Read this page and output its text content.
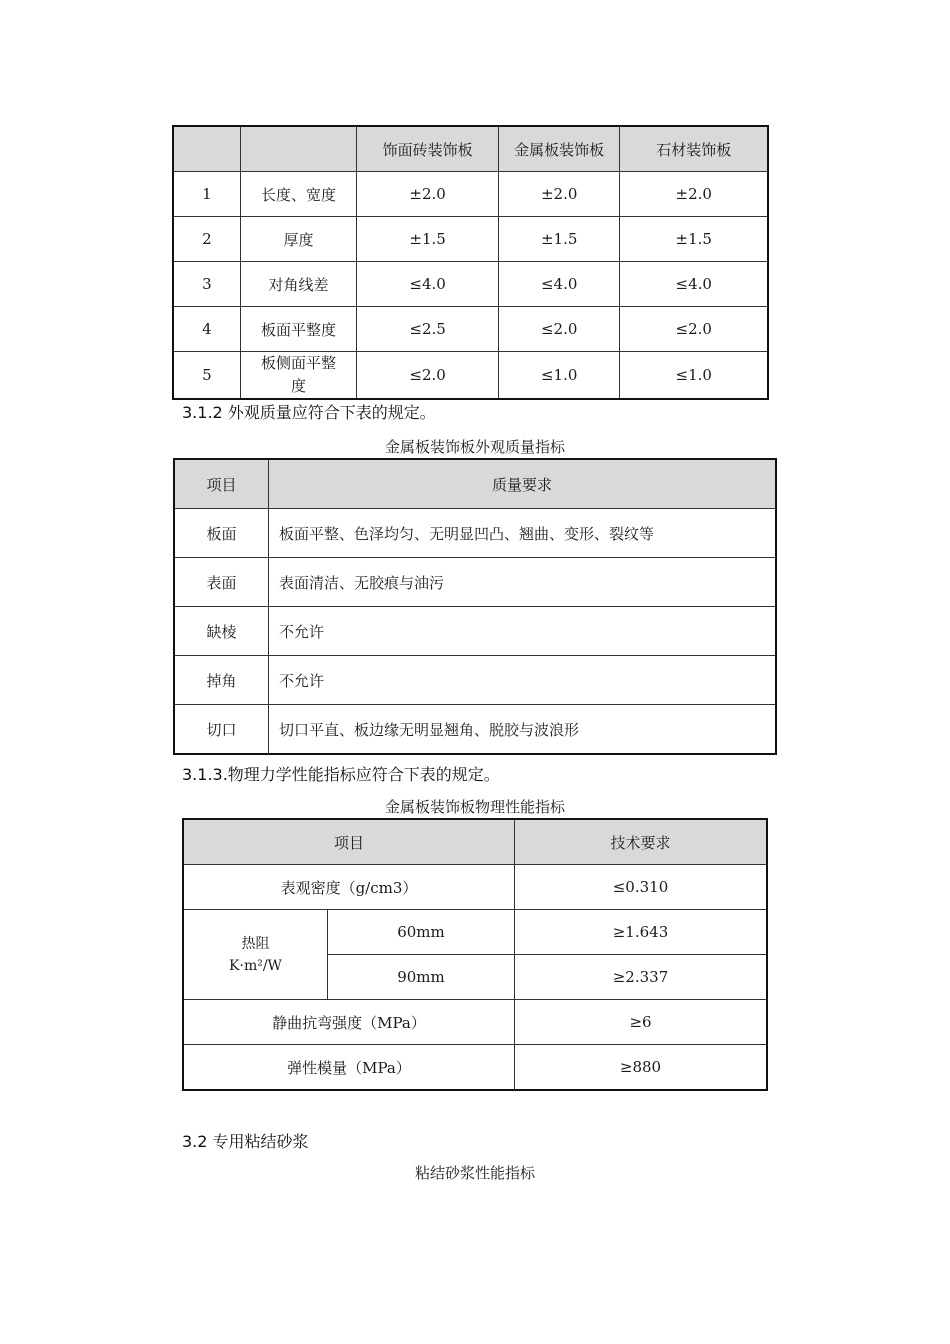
		饰面砖装饰板	金属板装饰板	石材装饰板
1	长度、宽度	±2.0	±2.0	±2.0
2	厚度	±1.5	±1.5	±1.5
3	对角线差	≤4.0	≤4.0	≤4.0
4	板面平整度	≤2.5	≤2.0	≤2.0
5	板侧面平整度	≤2.0	≤1.0	≤1.0
3.1.2 外观质量应符合下表的规定。
金属板装饰板外观质量指标
项目	质量要求
板面	板面平整、色泽均匀、无明显凹凸、翘曲、变形、裂纹等
表面	表面清洁、无胶痕与油污
缺棱	不允许
掉角	不允许
切口	切口平直、板边缘无明显翘角、脱胶与波浪形
3.1.3.物理力学性能指标应符合下表的规定。
金属板装饰板物理性能指标
项目		技术要求
表观密度（g/cm3）		≤0.310

热阻
K·m²/W	60mm	≥1.643
	90mm	≥2.337
静曲抗弯强度（MPa）		≥6
弹性模量（MPa）		≥880
3.2 专用粘结砂浆
粘结砂浆性能指标
